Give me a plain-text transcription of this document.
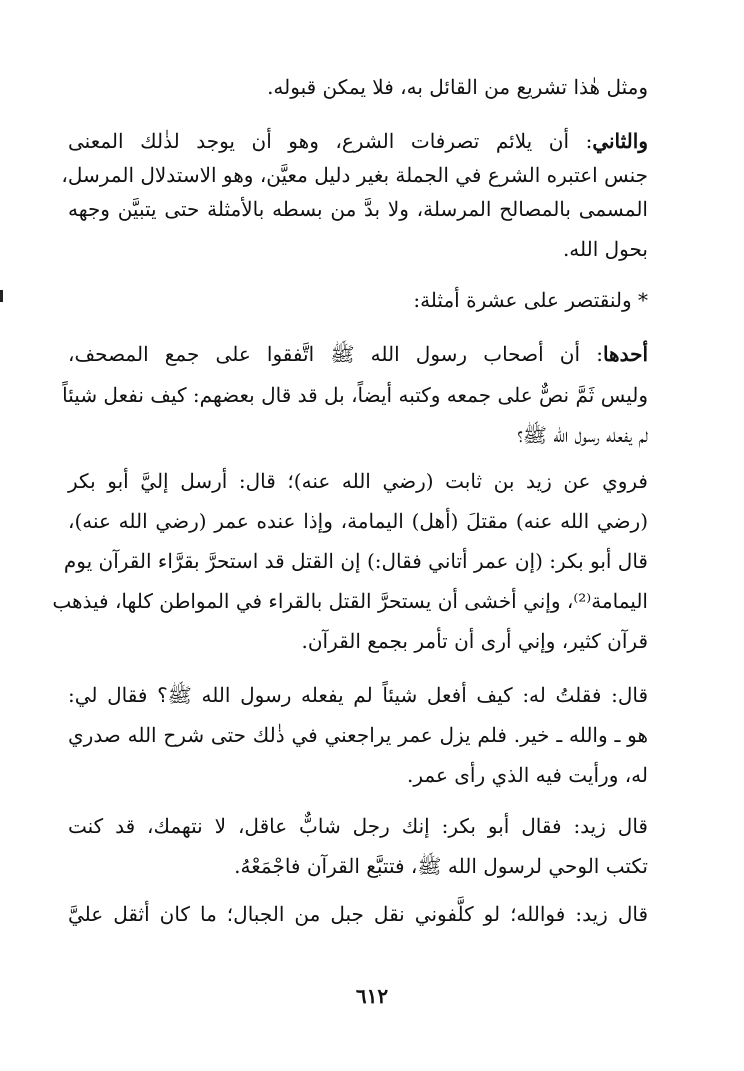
ومثل هٰذا تشريع من القائل به، فلا يمكن قبوله.
والثاني: أن يلائم تصرفات الشرع، وهو أن يوجد لذٰلك المعنى
جنس اعتبره الشرع في الجملة بغير دليل معيَّن، وهو الاستدلال المرسل،
المسمى بالمصالح المرسلة، ولا بدَّ من بسطه بالأمثلة حتى يتبيَّن وجهه
بحول الله.
* ولنقتصر على عشرة أمثلة:
أحدها: أن أصحاب رسول الله ﷺ اتَّفقوا على جمع المصحف،
وليس ثَمَّ نصٌّ على جمعه وكتبه أيضاً، بل قد قال بعضهم: كيف نفعل شيئاً
لم يفعله رسول الله ﷺ؟
فروي عن زيد بن ثابت (رضي الله عنه)؛ قال: أرسل إليَّ أبو بكر
(رضي الله عنه) مقتلَ (أهل) اليمامة، وإذا عنده عمر (رضي الله عنه)،
قال أبو بكر: (إن عمر أتاني فقال:) إن القتل قد استحرَّ بقرَّاء القرآن يوم
اليمامة⁽²⁾، وإني أخشى أن يستحرَّ القتل بالقراء في المواطن كلها، فيذهب
قرآن كثير، وإني أرى أن تأمر بجمع القرآن.
قال: فقلتُ له: كيف أفعل شيئاً لم يفعله رسول الله ﷺ؟ فقال لي:
هو ـ والله ـ خير. فلم يزل عمر يراجعني في ذٰلك حتى شرح الله صدري
له، ورأيت فيه الذي رأى عمر.
قال زيد: فقال أبو بكر: إنك رجل شابٌّ عاقل، لا نتهمك، قد كنت
تكتب الوحي لرسول الله ﷺ، فتتبَّع القرآن فاجْمَعْهُ.
قال زيد: فوالله؛ لو كلَّفوني نقل جبل من الجبال؛ ما كان أثقل عليَّ
٦١٢
